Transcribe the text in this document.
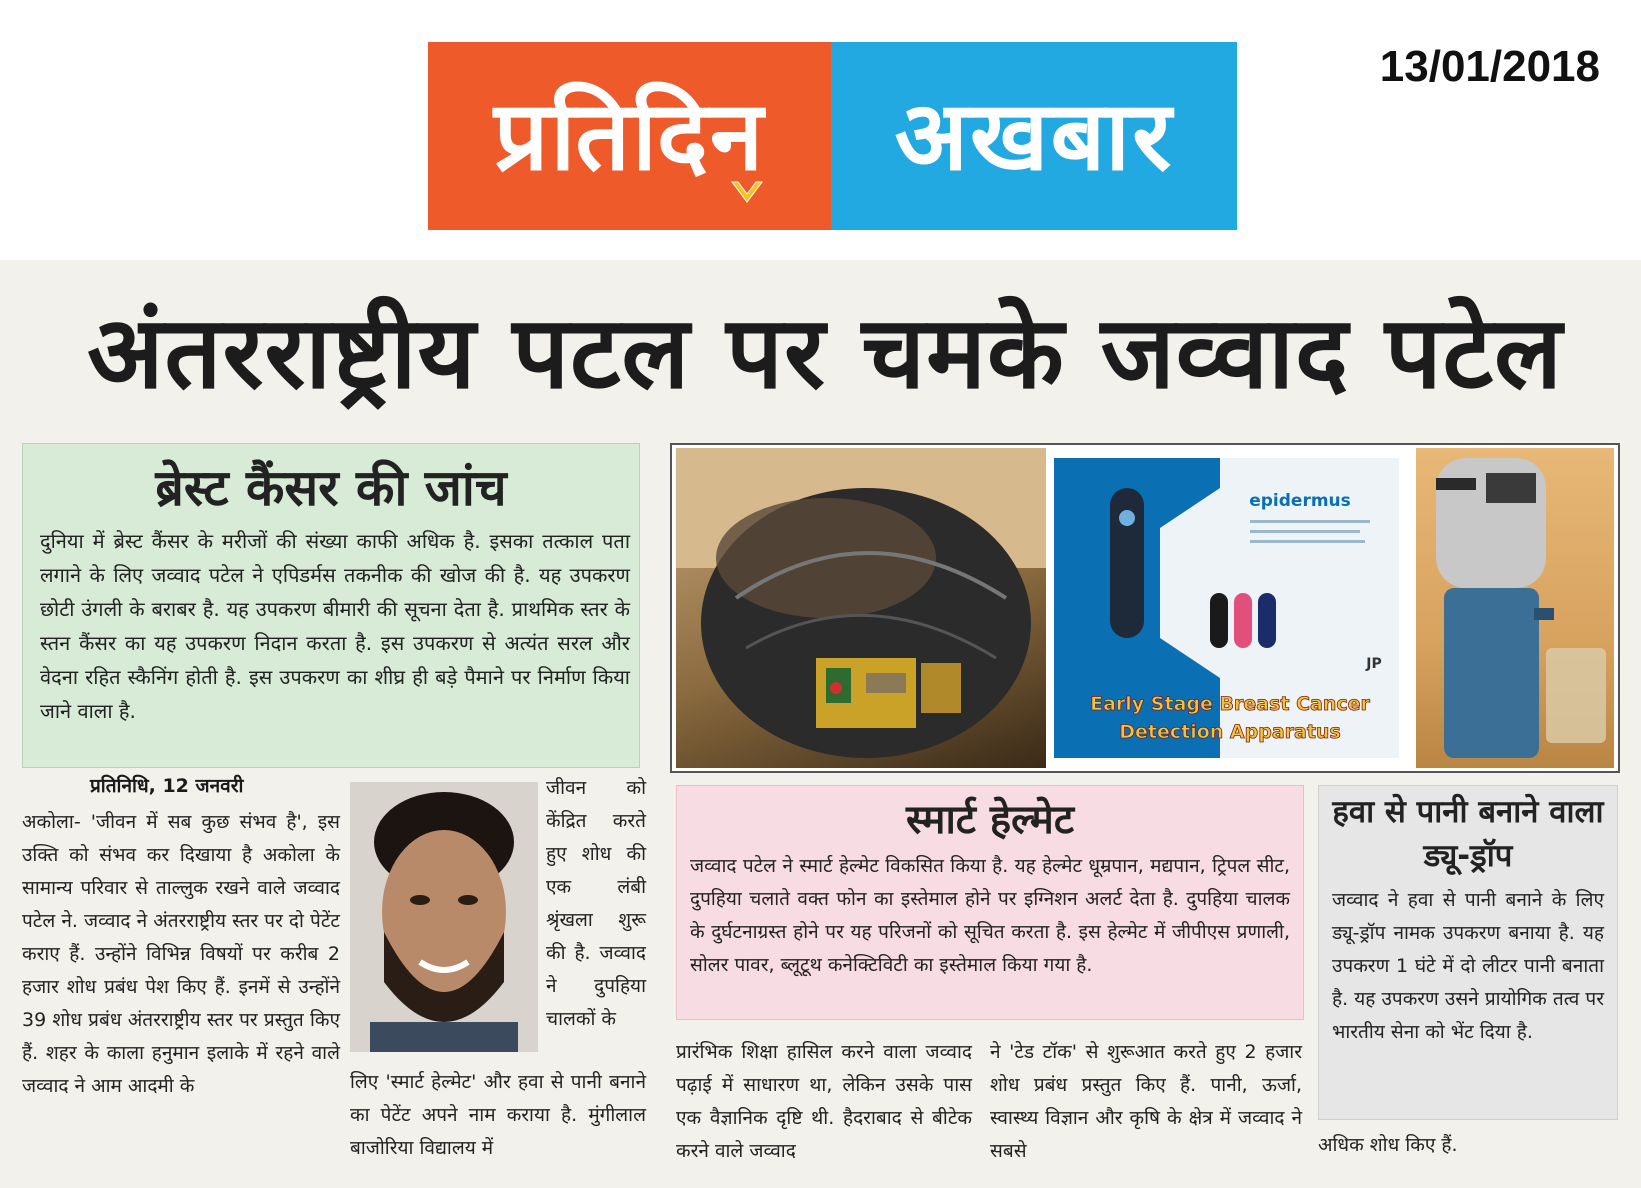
प्रतिदिन अखबार
13/01/2018
अंतरराष्ट्रीय पटल पर चमके जव्वाद पटेल
ब्रेस्ट कैंसर की जांच
दुनिया में ब्रेस्ट कैंसर के मरीजों की संख्या काफी अधिक है. इसका तत्काल पता लगाने के लिए जव्वाद पटेल ने एपिडर्मस तकनीक की खोज की है. यह उपकरण छोटी उंगली के बराबर है. यह उपकरण बीमारी की सूचना देता है. प्राथमिक स्तर के स्तन कैंसर का यह उपकरण निदान करता है. इस उपकरण से अत्यंत सरल और वेदना रहित स्कैनिंग होती है. इस उपकरण का शीघ्र ही बड़े पैमाने पर निर्माण किया जाने वाला है.
epidermus
JP
Early Stage Breast Cancer
Detection Apparatus
स्मार्ट हेल्मेट
जव्वाद पटेल ने स्मार्ट हेल्मेट विकसित किया है. यह हेल्मेट धूम्रपान, मद्यपान, ट्रिपल सीट, दुपहिया चलाते वक्त फोन का इस्तेमाल होने पर इग्निशन अलर्ट देता है. दुपहिया चालक के दुर्घटनाग्रस्त होने पर यह परिजनों को सूचित करता है. इस हेल्मेट में जीपीएस प्रणाली, सोलर पावर, ब्लूटूथ कनेक्टिविटी का इस्तेमाल किया गया है.
हवा से पानी बनाने वाला ड्यू-ड्रॉप
जव्वाद ने हवा से पानी बनाने के लिए ड्यू-ड्रॉप नामक उपकरण बनाया है. यह उपकरण 1 घंटे में दो लीटर पानी बनाता है. यह उपकरण उसने प्रायोगिक तत्व पर भारतीय सेना को भेंट दिया है.
अधिक शोध किए हैं.
प्रतिनिधि, 12 जनवरी
अकोला- 'जीवन में सब कुछ संभव है', इस उक्ति को संभव कर दिखाया है अकोला के सामान्य परिवार से ताल्लुक रखने वाले जव्वाद पटेल ने. जव्वाद ने अंतरराष्ट्रीय स्तर पर दो पेटेंट कराए हैं. उन्होंने विभिन्न विषयों पर करीब 2 हजार शोध प्रबंध पेश किए हैं. इनमें से उन्होंने 39 शोध प्रबंध अंतरराष्ट्रीय स्तर पर प्रस्तुत किए हैं. शहर के काला हनुमान इलाके में रहने वाले जव्वाद ने आम आदमी के
जीवन को केंद्रित करते हुए शोध की एक लंबी श्रृंखला शुरू की है. जव्वाद ने दुपहिया चालकों के
लिए 'स्मार्ट हेल्मेट' और हवा से पानी बनाने का पेटेंट अपने नाम कराया है. मुंगीलाल बाजोरिया विद्यालय में
प्रारंभिक शिक्षा हासिल करने वाला जव्वाद पढ़ाई में साधारण था, लेकिन उसके पास एक वैज्ञानिक दृष्टि थी. हैदराबाद से बीटेक करने वाले जव्वाद
ने 'टेड टॉक' से शुरूआत करते हुए 2 हजार शोध प्रबंध प्रस्तुत किए हैं. पानी, ऊर्जा, स्वास्थ्य विज्ञान और कृषि के क्षेत्र में जव्वाद ने सबसे
